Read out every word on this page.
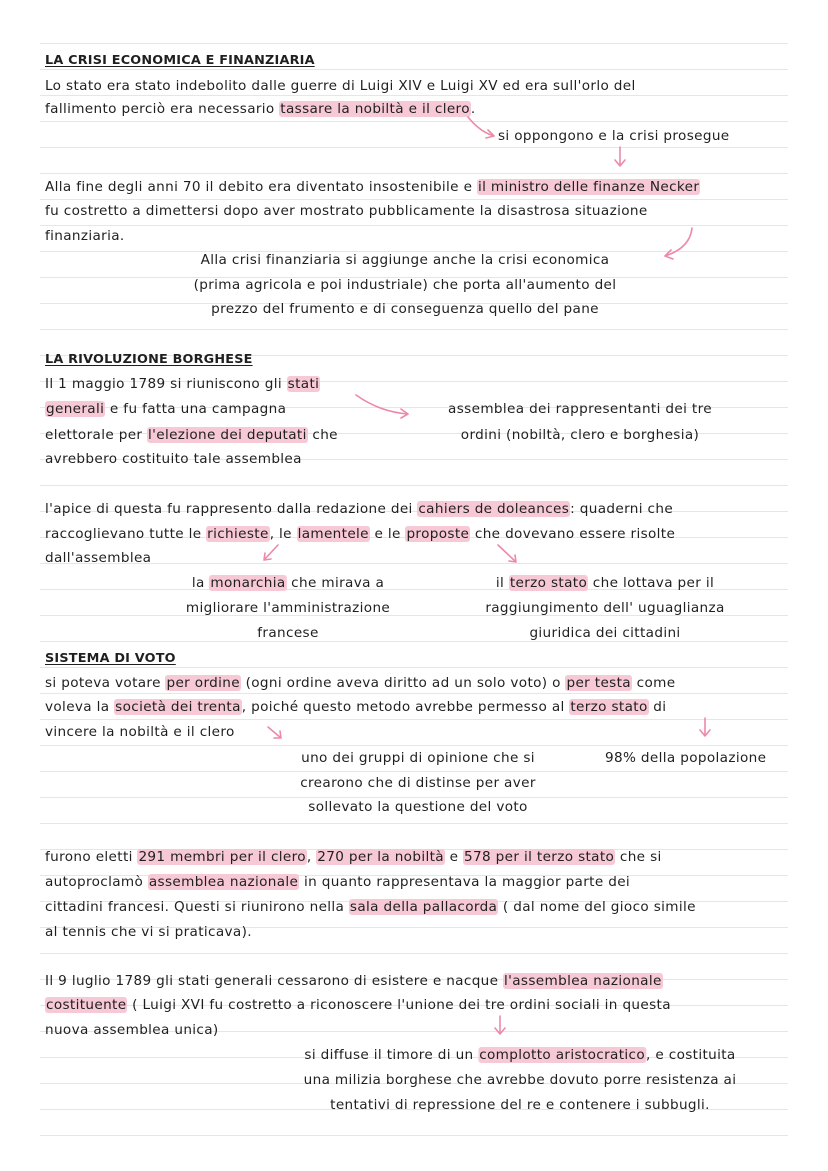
LA CRISI ECONOMICA E FINANZIARIA
Lo stato era stato indebolito dalle guerre di Luigi XIV e Luigi XV ed era sull'orlo del
fallimento perciò era necessario tassare la nobiltà e il clero.
si oppongono e la crisi prosegue
Alla fine degli anni 70 il debito era diventato insostenibile e il ministro delle finanze Necker
fu costretto a dimettersi dopo aver mostrato pubblicamente la disastrosa situazione
finanziaria.
Alla crisi finanziaria si aggiunge anche la crisi economica
(prima agricola e poi industriale) che porta all'aumento del
prezzo del frumento e di conseguenza quello del pane
LA RIVOLUZIONE BORGHESE
Il 1 maggio 1789 si riuniscono gli stati
generali e fu fatta una campagna
elettorale per l'elezione dei deputati che
avrebbero costituito tale assemblea
assemblea dei rappresentanti dei tre
ordini (nobiltà, clero e borghesia)
l'apice di questa fu rappresento dalla redazione dei cahiers de doleances: quaderni che
raccoglievano tutte le richieste, le lamentele e le proposte che dovevano essere risolte
dall'assemblea
la monarchia che mirava a
migliorare l'amministrazione
francese
il terzo stato che lottava per il
raggiungimento dell' uguaglianza
giuridica dei cittadini
SISTEMA DI VOTO
si poteva votare per ordine (ogni ordine aveva diritto ad un solo voto) o per testa come
voleva la società dei trenta, poiché questo metodo avrebbe permesso al terzo stato di
vincere la nobiltà e il clero
uno dei gruppi di opinione che si
crearono che di distinse per aver
sollevato la questione del voto
98% della popolazione
furono eletti 291 membri per il clero, 270 per la nobiltà e 578 per il terzo stato che si
autoproclamò assemblea nazionale in quanto rappresentava la maggior parte dei
cittadini francesi. Questi si riunirono nella sala della pallacorda ( dal nome del gioco simile
al tennis che vi si praticava).
Il 9 luglio 1789 gli stati generali cessarono di esistere e nacque l'assemblea nazionale
costituente ( Luigi XVI fu costretto a riconoscere l'unione dei tre ordini sociali in questa
nuova assemblea unica)
si diffuse il timore di un complotto aristocratico, e costituita
una milizia borghese che avrebbe dovuto porre resistenza ai
tentativi di repressione del re e contenere i subbugli.
